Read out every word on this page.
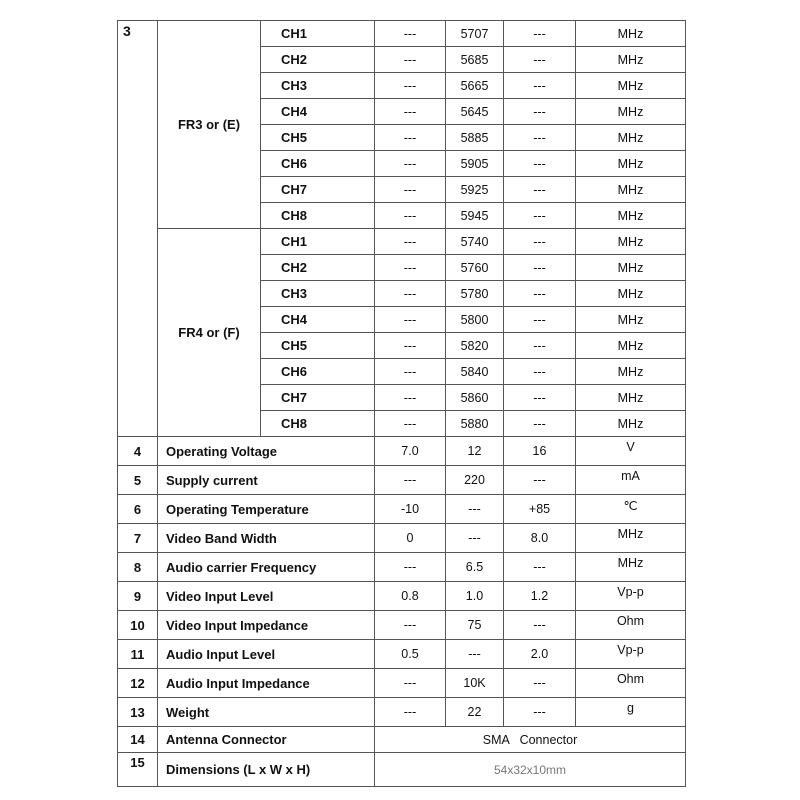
3	FR3 or (E)	CH1	---	5707	---	MHz
		CH2	---	5685	---	MHz
		CH3	---	5665	---	MHz
		CH4	---	5645	---	MHz
		CH5	---	5885	---	MHz
		CH6	---	5905	---	MHz
		CH7	---	5925	---	MHz
		CH8	---	5945	---	MHz
	FR4 or (F)	CH1	---	5740	---	MHz
		CH2	---	5760	---	MHz
		CH3	---	5780	---	MHz
		CH4	---	5800	---	MHz
		CH5	---	5820	---	MHz
		CH6	---	5840	---	MHz
		CH7	---	5860	---	MHz
		CH8	---	5880	---	MHz
4	Operating Voltage		7.0	12	16	V
5	Supply current		---	220	---	mA
6	Operating Temperature		-10	---	+85	℃
7	Video Band Width		0	---	8.0	MHz
8	Audio carrier Frequency		---	6.5	---	MHz
9	Video Input Level		0.8	1.0	1.2	Vp-p
10	Video Input Impedance		---	75	---	Ohm
11	Audio Input Level		0.5	---	2.0	Vp-p
12	Audio Input Impedance		---	10K	---	Ohm
13	Weight		---	22	---	g
14	Antenna Connector		SMA   Connector			
15	Dimensions (L x W x H)		54x32x10mm			
